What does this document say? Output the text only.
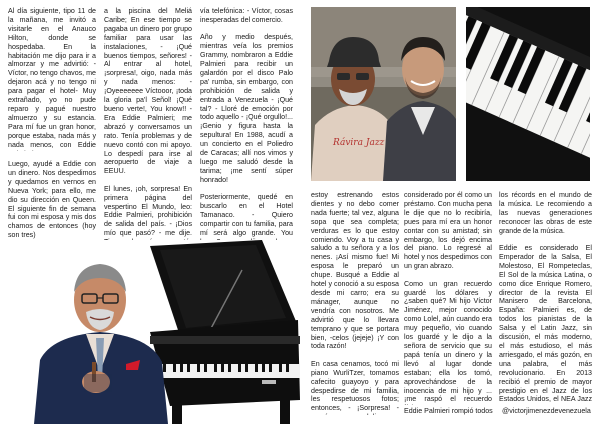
Al día siguiente, tipo 11 de la mañana, me invitó a visitarle en el Anauco Hilton, donde se hospedaba. En la habitación me dijo para ir a almorzar y me advirtió: - Víctor, no tengo chavos, me dejaron acá y no tengo ni para pagar el hotel- Muy extrañado, yo no pude reparo y pagué nuestro almuerzo y su estancia. Para mí fue un gran honor, porque estaba, nada más y nada menos, con Eddie

Luego, ayudé a Eddie con un dinero. Nos despedimos y quedamos en vernos en Nueva York; para ello, me dio su dirección en Queen. El siguiente fin de semana fui con mi esposa y mis dos chamos de entonces (hoy son tres)

a la piscina del Meliá Caribe; En ese tiempo se pagaba un dinero por grupo familiar para usar las instalaciones, - ¡Qué buenos tiempos, señores! - Al entrar al hotel, ¡sorpresa!, oigo, nada más y nada menos: - ¡Oyeeeeeee Víctooor, ¡toda la gloria pa'l Señol! ¡Qué bueno verte!, You know!! - Era Eddie Palmieri; me abrazó y conversamos un rato. Tenía problemas y de nuevo contó con mi apoyo. Lo despedí para irse al aeropuerto de viaje a EEUU.

El lunes, ¡oh, sorpresa! En primera página del vespertino El Mundo, leo: Eddie Palmieri, prohibición de salida del país. - ¡Dios mío que pasó? - me dije.

vía telefónica: - Víctor, cosas inesperadas del comercio.

Año y medio después, mientras veía los premios Grammy, nombraron a Eddie Palmieri para recibir un galardón por el disco Palo pa' rumba, sin embargo, con prohibición de salida y entrada a Venezuela - ¡Qué tal? - Lloré de emoción por todo aquello - ¡Qué orgullo!... ¡Genio y figura hasta la sepultura! En 1988, acudí a un concierto en el Poliedro de Caracas; allí nos vimos y luego me saludó desde la tarima; ¡me sentí súper honrado!

Posteriormente, quedé en buscarlo en el Hotel Tamanaco. - Quiero compartir con tu familia, para mí será algo grande. You

Rávira Jazz

estoy estrenando estos dientes y no debo comer nada fuerte; tal vez, alguna sopa que sea completa; verduras es lo que estoy comiendo. Voy a tu casa y saludo a tu señora y a los nenes. ¡Así mismo fue! Mi esposa le preparó un chupe. Busqué a Eddie al hotel y conoció a su esposa desde mi carro; era su mánager, aunque no vendría con nosotros. Me advirtió que lo llevara temprano y que se portara bien, -celos (jejeje) ¡Y con toda razón!

En casa cenamos, tocó mi piano WurliTzer, tomamos cafecito guayoyo y para despedirse de mi familia, les respetuosos fotos; entonces, - ¡Sorpresa! -

considerado por él como un préstamo. Con mucha pena le dije que no lo recibiría, pues para mí era un honor contar con su amistad; sin embargo, los dejó encima del piano. Lo regresé al hotel y nos despedimos con un gran abrazo.

Como un gran recuerdo guardé los dólares y ¿saben qué? Mi hijo Víctor Jiménez, mejor conocido como Lolel, aún cuando era muy pequeño, vio cuando los guardé y le dijo a la señora de servicio que su papá tenía un dinero y la llevó al lugar donde estaban; ella los tomó, aprovechándose de la inocencia de mi hijo y ... ¡me raspó el recuerdo

los récords en el mundo de la música. Le recomiendo a las nuevas generaciones reconocer las obras de este grande de la música.

Eddie es considerado El Emperador de la Salsa, El Molestoso, El Rompeteclas, El Sol de la música Latina, o como dice Enrique Romero, director de la revista El Manisero de Barcelona, España: Palmieri es, de todos los pianistas de la Salsa y el Latin Jazz, sin discusión, el más moderno, el más estudioso, el más arriesgado, el más gozón, en una palabra, el más revolucionario. En 2013 recibió el premio de mayor prestigio en el Jazz de los Estados Unidos, el NEA Jazz

Eddie Palmieri rompió todos @victorjimenezdevenezuela
